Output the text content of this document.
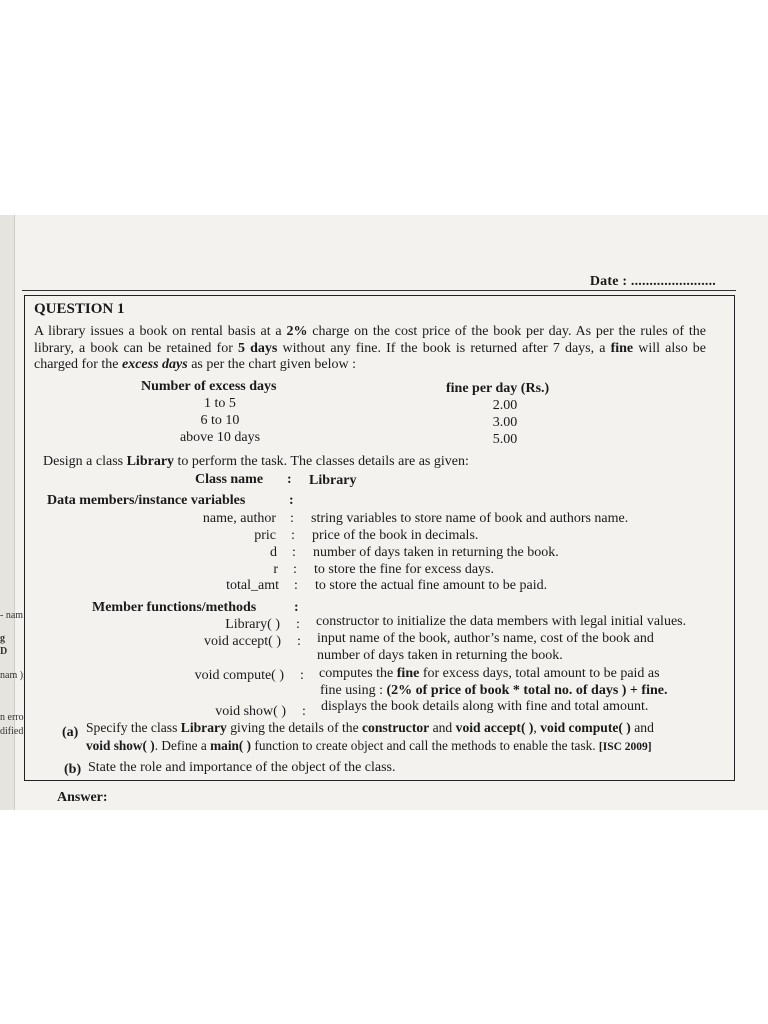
- nam
g
D
nam );
n erro
dified
Date : .......................
QUESTION 1
A library issues a book on rental basis at a 2% charge on the cost price of the book per day. As per the rules of the library, a book can be retained for 5 days without any fine. If the book is returned after 7 days, a fine will also be charged for the excess days as per the chart given below :
Number of excess days	fine per day (Rs.)
1 to 5	2.00
6 to 10	3.00
above 10 days	5.00
Design a class Library to perform the task. The classes details are as given:
Class name : Library
Data members/instance variables	:
name, author : string variables to store name of book and authors name.
pric : price of the book in decimals.
d : number of days taken in returning the book.
r : to store the fine for excess days.
total_amt : to store the actual fine amount to be paid.
Member functions/methods	:
Library( ) : constructor to initialize the data members with legal initial values.
void accept( ) : input name of the book, author’s name, cost of the book and
number of days taken in returning the book.
void compute( ) : computes the fine for excess days, total amount to be paid as
fine using : (2% of price of book * total no. of days ) + fine.
void show( ) : displays the book details along with fine and total amount.
(a) Specify the class Library giving the details of the constructor and void accept( ), void compute( ) and
void show( ). Define a main( ) function to create object and call the methods to enable the task. [ISC 2009]
(b) State the role and importance of the object of the class.
Answer:
